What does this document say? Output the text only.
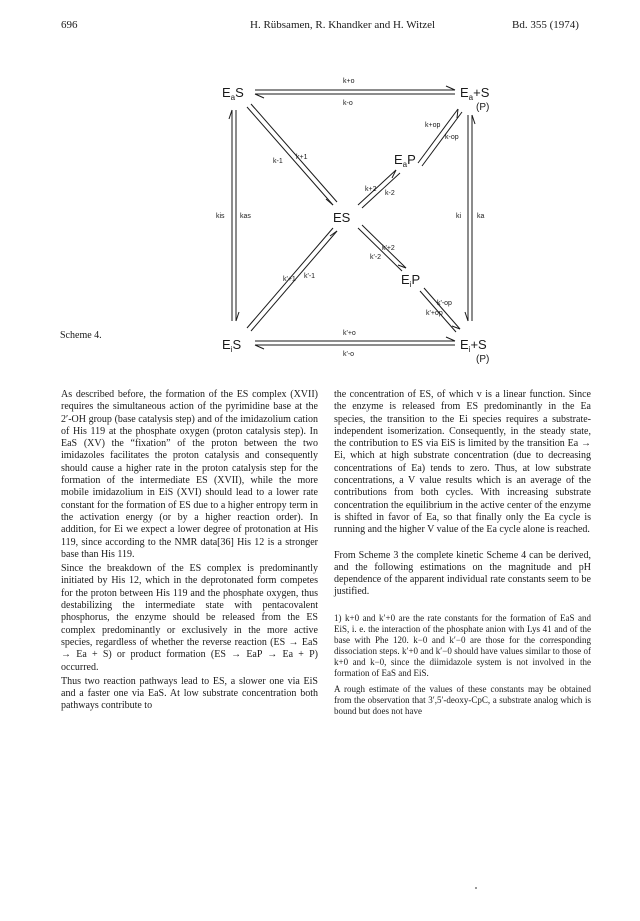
696	H. Rübsamen, R. Khandker and H. Witzel	Bd. 355 (1974)
$E_aS$	$E_a+S$
(P)
$E_aP$
ES
$E_iP$
$E_iS$	$E_i+S$
(P)
k+o
k-o
k'+o
k'-o
k-1
k+1
k'+1 k'-1
k+op
k-op
k+2
k-2
k'+2
k'-2
k'-op
k'+op
kis kas	ki ka
Scheme 4.

As described before, the formation of the ES complex (XVII) requires the simultaneous action of the pyrimidine base at the 2′-OH group (base catalysis step) and of the imidazolium cation of His 119 at the phosphate oxygen (proton catalysis step). In EaS (XV) the “fixation” of the proton between the two imidazoles facilitates the proton catalysis and consequently should cause a higher rate in the proton catalysis step for the formation of the intermediate ES (XVII), while the more mobile imidazolium in EiS (XVI) should lead to a lower rate constant for the formation of ES due to a higher entropy term in the activation energy (or by a higher reaction order). In addition, for Ei we expect a lower degree of protonation at His 119, since according to the NMR data[36] His 12 is a stronger base than His 119.

Since the breakdown of the ES complex is predominantly initiated by His 12, which in the deprotonated form competes for the proton between His 119 and the phosphate oxygen, thus destabilizing the intermediate state with pentacovalent phosphorus, the enzyme should be released from the ES complex predominantly or exclusively in the more active species, regardless of whether the reverse reaction (ES → EaS → Ea + S) or product formation (ES → EaP → Ea + P) occurred.

Thus two reaction pathways lead to ES, a slower one via EiS and a faster one via EaS. At low substrate concentration both pathways contribute to

the concentration of ES, of which v is a linear function. Since the enzyme is released from ES predominantly in the Ea species, the transition to the Ei species requires a substrate-independent isomerization. Consequently, in the steady state, the contribution to ES via EiS is limited by the transition Ea → Ei, which at high substrate concentration (due to decreasing concentrations of Ea) tends to zero. Thus, at low substrate concentrations, a V value results which is an average of the contributions from both cycles. With increasing substrate concentration the equilibrium in the active center of the enzyme is shifted in favor of Ea, so that finally only the Ea cycle is running and the higher V value of the Ea cycle alone is reached.

From Scheme 3 the complete kinetic Scheme 4 can be derived, and the following estimations on the magnitude and pH dependence of the apparent individual rate constants seem to be justified.

1) k+0 and k′+0 are the rate constants for the formation of EaS and EiS, i. e. the interaction of the phosphate anion with Lys 41 and of the base with Phe 120. k−0 and k′−0 are those for the corresponding dissociation steps. k′+0 and k′−0 should have values similar to those of k+0 and k−0, since the diimidazole system is not involved in the formation of EaS and EiS.

A rough estimate of the values of these constants may be obtained from the observation that 3′,5′-deoxy-CpC, a substrate analog which is bound but does not have
